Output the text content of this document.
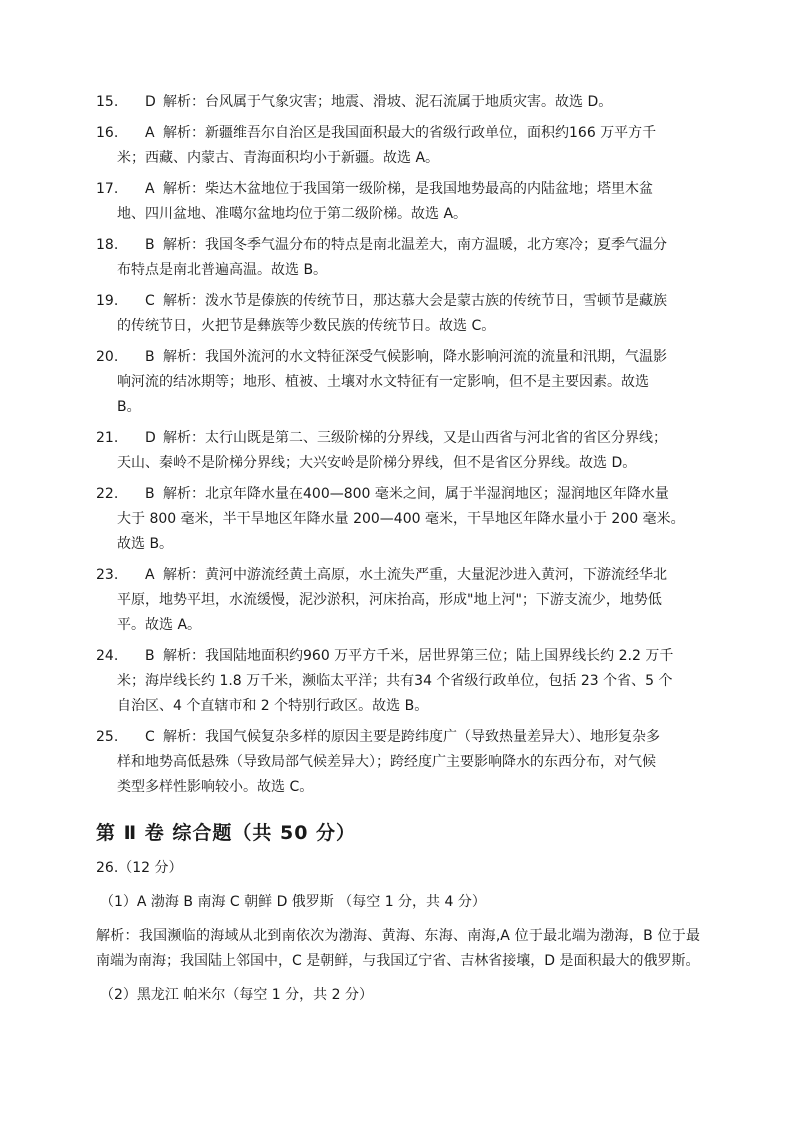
15. D 解析：台风属于气象灾害；地震、滑坡、泥石流属于地质灾害。故选 D。
16. A 解析：新疆维吾尔自治区是我国面积最大的省级行政单位，面积约166 万平方千
米；西藏、内蒙古、青海面积均小于新疆。故选 A。
17. A 解析：柴达木盆地位于我国第一级阶梯，是我国地势最高的内陆盆地；塔里木盆
地、四川盆地、准噶尔盆地均位于第二级阶梯。故选 A。
18. B 解析：我国冬季气温分布的特点是南北温差大，南方温暖，北方寒冷；夏季气温分
布特点是南北普遍高温。故选 B。
19. C 解析：泼水节是傣族的传统节日，那达慕大会是蒙古族的传统节日，雪顿节是藏族
的传统节日，火把节是彝族等少数民族的传统节日。故选 C。
20. B 解析：我国外流河的水文特征深受气候影响，降水影响河流的流量和汛期，气温影
响河流的结冰期等；地形、植被、土壤对水文特征有一定影响，但不是主要因素。故选
B。
21. D 解析：太行山既是第二、三级阶梯的分界线，又是山西省与河北省的省区分界线；
天山、秦岭不是阶梯分界线；大兴安岭是阶梯分界线，但不是省区分界线。故选 D。
22. B 解析：北京年降水量在400—800 毫米之间，属于半湿润地区；湿润地区年降水量
大于 800 毫米，半干旱地区年降水量 200—400 毫米，干旱地区年降水量小于 200 毫米。
故选 B。
23. A 解析：黄河中游流经黄土高原，水土流失严重，大量泥沙进入黄河，下游流经华北
平原，地势平坦，水流缓慢，泥沙淤积，河床抬高，形成"地上河"；下游支流少，地势低
平。故选 A。
24. B 解析：我国陆地面积约960 万平方千米，居世界第三位；陆上国界线长约 2.2 万千
米；海岸线长约 1.8 万千米，濒临太平洋；共有34 个省级行政单位，包括 23 个省、5 个
自治区、4 个直辖市和 2 个特别行政区。故选 B。
25. C 解析：我国气候复杂多样的原因主要是跨纬度广（导致热量差异大）、地形复杂多
样和地势高低悬殊（导致局部气候差异大）；跨经度广主要影响降水的东西分布，对气候
类型多样性影响较小。故选 C。
第 Ⅱ 卷 综合题（共 50 分）
26.（12 分）
（1）A 渤海 B 南海 C 朝鲜 D 俄罗斯 （每空 1 分，共 4 分）
解析：我国濒临的海域从北到南依次为渤海、黄海、东海、南海,A 位于最北端为渤海，B 位于最南端为南海；我国陆上邻国中，C 是朝鲜，与我国辽宁省、吉林省接壤，D 是面积最大的俄罗斯。
（2）黑龙江 帕米尔（每空 1 分，共 2 分）
